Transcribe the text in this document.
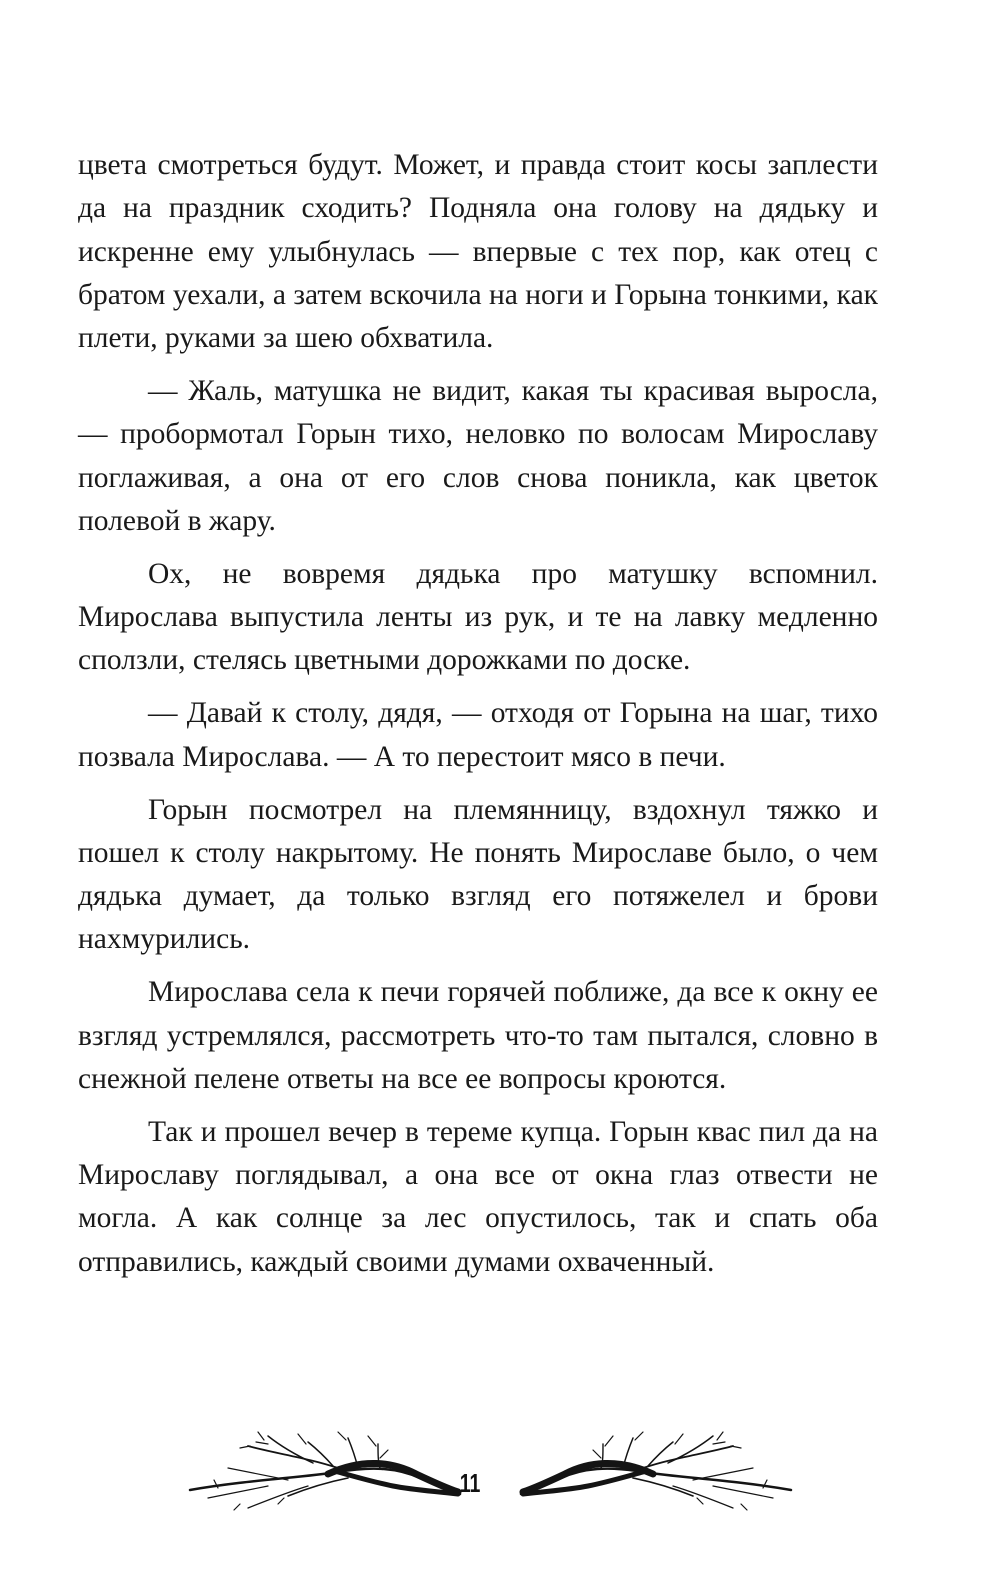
цвета смотреться будут. Может, и правда стоит косы заплести да на праздник сходить? Подняла она голову на дядьку и искренне ему улыбнулась — впервые с тех пор, как отец с братом уехали, а затем вскочила на ноги и Горына тонкими, как плети, руками за шею обхватила.

— Жаль, матушка не видит, какая ты красивая выросла, — пробормотал Горын тихо, неловко по волосам Мирославу поглаживая, а она от его слов снова поникла, как цветок полевой в жару.

Ох, не вовремя дядька про матушку вспомнил. Мирослава выпустила ленты из рук, и те на лавку медленно сползли, стелясь цветными дорожками по доске.

— Давай к столу, дядя, — отходя от Горына на шаг, тихо позвала Мирослава. — А то перестоит мясо в печи.

Горын посмотрел на племянницу, вздохнул тяжко и пошел к столу накрытому. Не понять Мирославе было, о чем дядька думает, да только взгляд его потяжелел и брови нахмурились.

Мирослава села к печи горячей поближе, да все к окну ее взгляд устремлялся, рассмотреть что-то там пытался, словно в снежной пелене ответы на все ее вопросы кроются.

Так и прошел вечер в тереме купца. Горын квас пил да на Мирославу поглядывал, а она все от окна глаз отвести не могла. А как солнце за лес опустилось, так и спать оба отправились, каждый своими думами охваченный.

11
